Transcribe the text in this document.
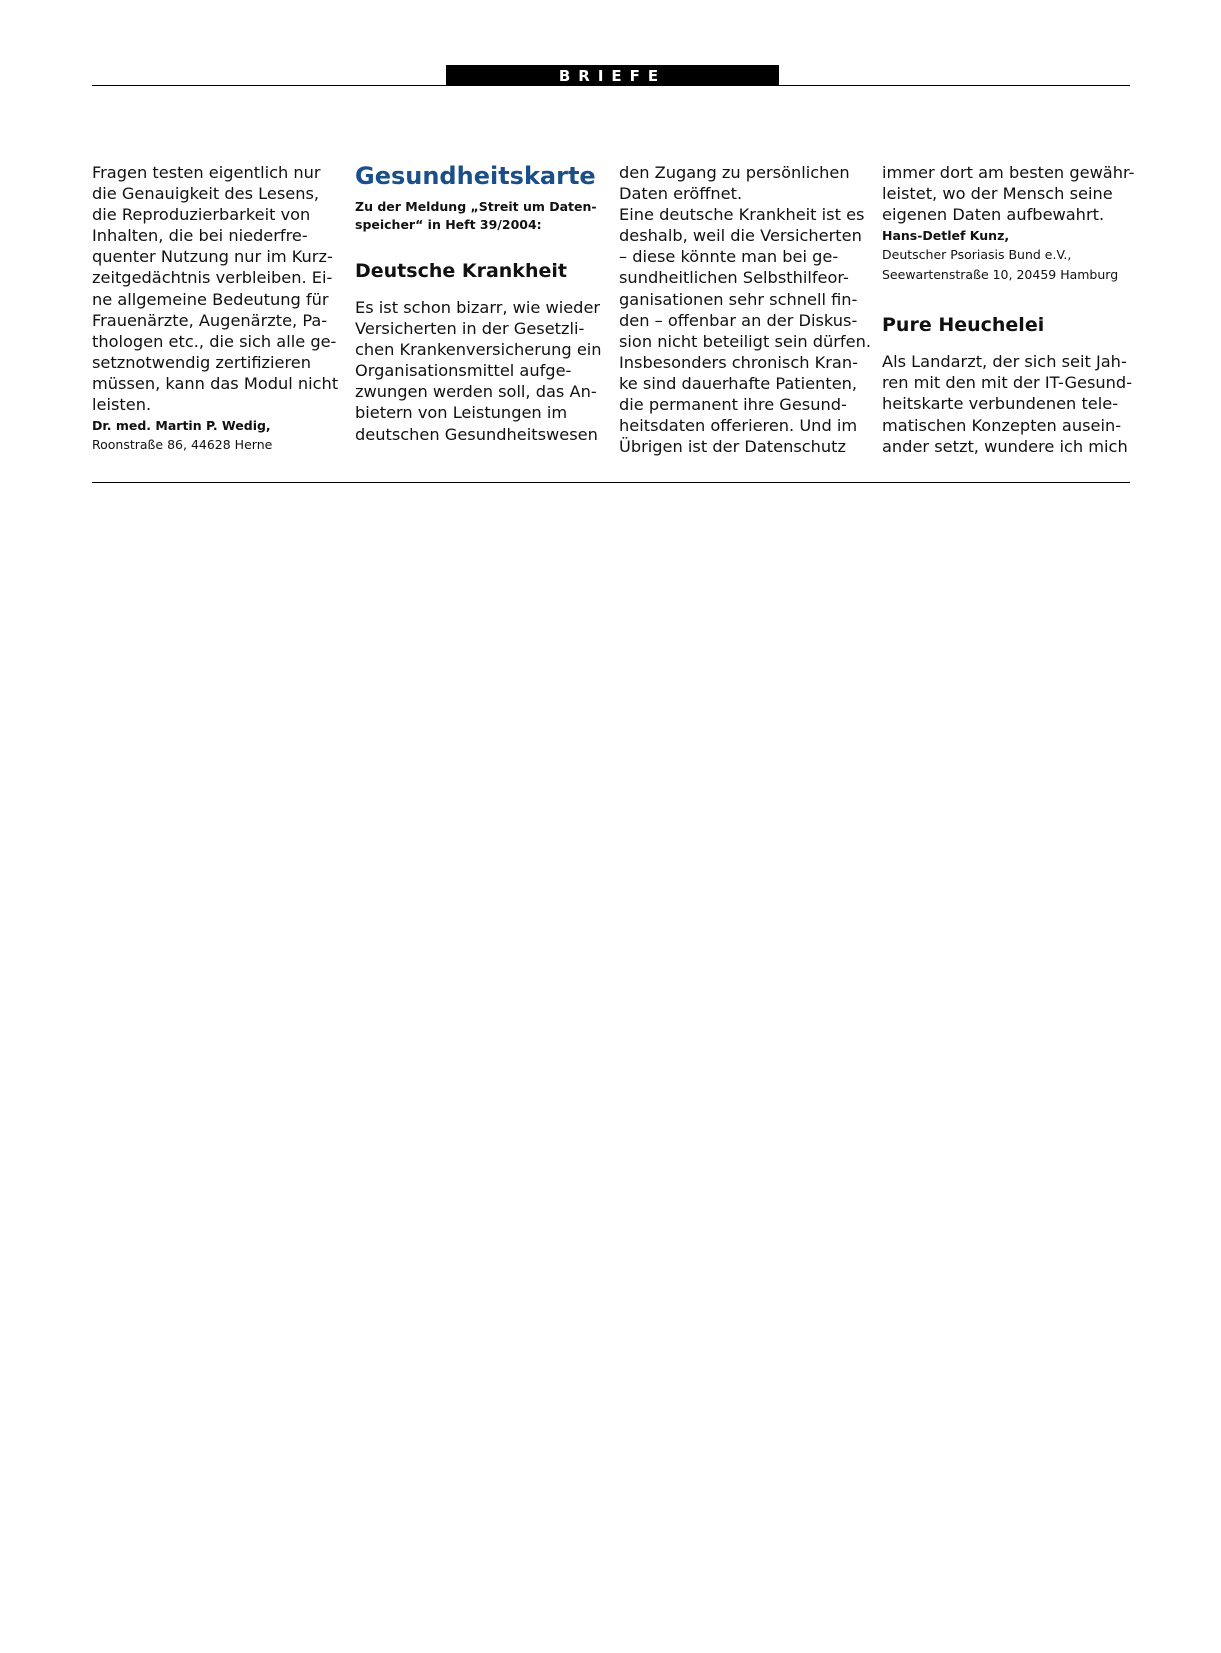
BRIEFE
Fragen testen eigentlich nur
die Genauigkeit des Lesens,
die Reproduzierbarkeit von
Inhalten, die bei niederfre-
quenter Nutzung nur im Kurz-
zeitgedächtnis verbleiben. Ei-
ne allgemeine Bedeutung für
Frauenärzte, Augenärzte, Pa-
thologen etc., die sich alle ge-
setznotwendig zertifizieren
müssen, kann das Modul nicht
leisten.
Dr. med. Martin P. Wedig,
Roonstraße 86, 44628 Herne
Gesundheitskarte
Zu der Meldung „Streit um Daten-
speicher“ in Heft 39/2004:
Deutsche Krankheit
Es ist schon bizarr, wie wieder
Versicherten in der Gesetzli-
chen Krankenversicherung ein
Organisationsmittel aufge-
zwungen werden soll, das An-
bietern von Leistungen im
deutschen Gesundheitswesen
den Zugang zu persönlichen
Daten eröffnet.
Eine deutsche Krankheit ist es
deshalb, weil die Versicherten
– diese könnte man bei ge-
sundheitlichen Selbsthilfeor-
ganisationen sehr schnell fin-
den – offenbar an der Diskus-
sion nicht beteiligt sein dürfen.
Insbesonders chronisch Kran-
ke sind dauerhafte Patienten,
die permanent ihre Gesund-
heitsdaten offerieren. Und im
Übrigen ist der Datenschutz
immer dort am besten gewähr-
leistet, wo der Mensch seine
eigenen Daten aufbewahrt.
Hans-Detlef Kunz,
Deutscher Psoriasis Bund e.V.,
Seewartenstraße 10, 20459 Hamburg
Pure Heuchelei
Als Landarzt, der sich seit Jah-
ren mit den mit der IT-Gesund-
heitskarte verbundenen tele-
matischen Konzepten ausein-
ander setzt, wundere ich mich
